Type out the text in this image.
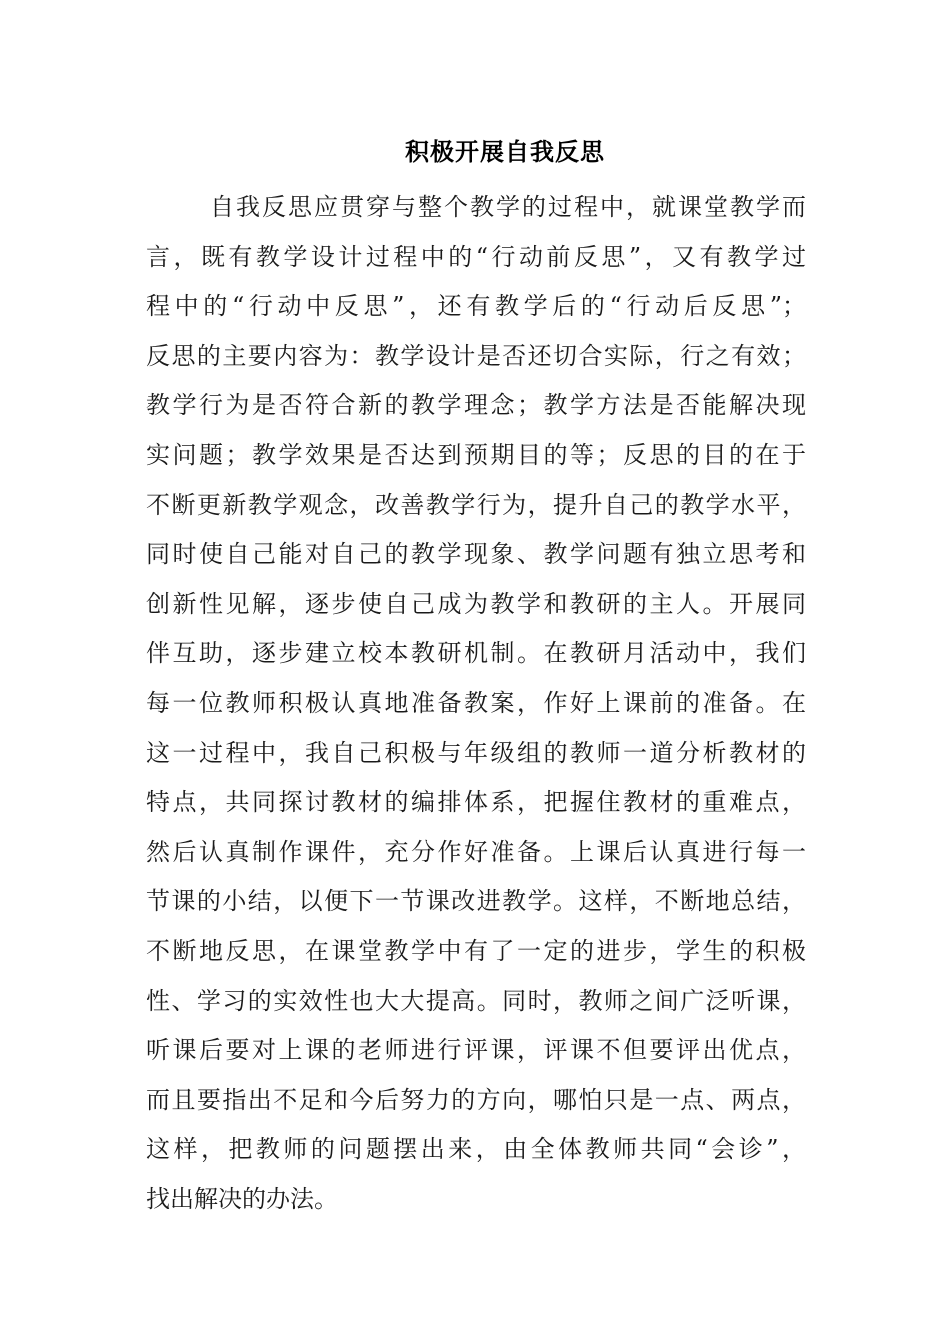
积极开展自我反思
自我反思应贯穿与整个教学的过程中，就课堂教学而
言，既有教学设计过程中的“行动前反思”，又有教学过
程中的“行动中反思”，还有教学后的“行动后反思”；
反思的主要内容为：教学设计是否还切合实际，行之有效；
教学行为是否符合新的教学理念；教学方法是否能解决现
实问题；教学效果是否达到预期目的等；反思的目的在于
不断更新教学观念，改善教学行为，提升自己的教学水平，
同时使自己能对自己的教学现象、教学问题有独立思考和
创新性见解，逐步使自己成为教学和教研的主人。开展同
伴互助，逐步建立校本教研机制。在教研月活动中，我们
每一位教师积极认真地准备教案，作好上课前的准备。在
这一过程中，我自己积极与年级组的教师一道分析教材的
特点，共同探讨教材的编排体系，把握住教材的重难点，
然后认真制作课件，充分作好准备。上课后认真进行每一
节课的小结，以便下一节课改进教学。这样，不断地总结，
不断地反思，在课堂教学中有了一定的进步，学生的积极
性、学习的实效性也大大提高。同时，教师之间广泛听课，
听课后要对上课的老师进行评课，评课不但要评出优点，
而且要指出不足和今后努力的方向，哪怕只是一点、两点，
这样，把教师的问题摆出来，由全体教师共同“会诊”，
找出解决的办法。
